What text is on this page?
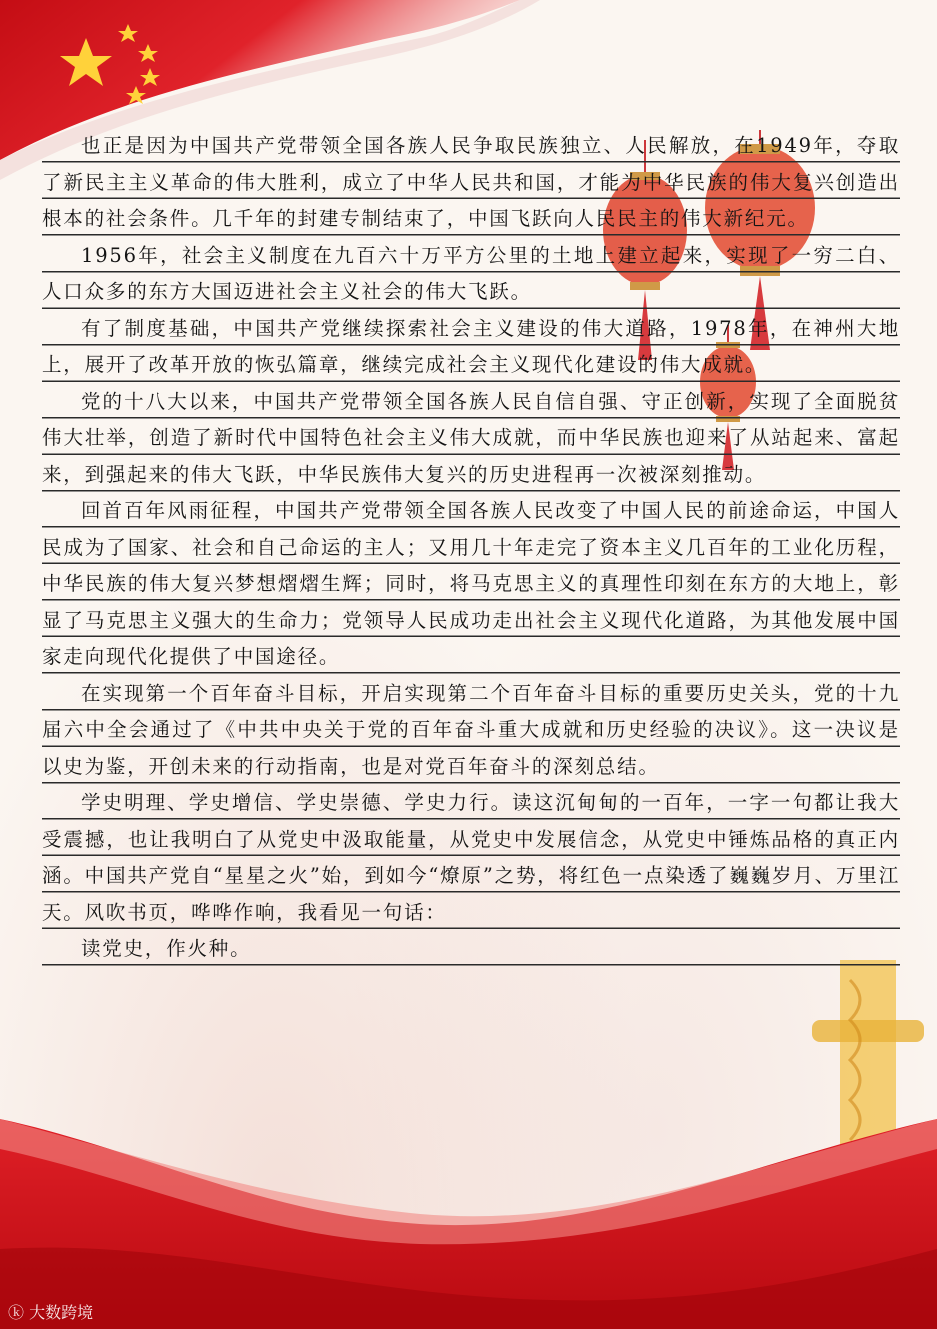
也正是因为中国共产党带领全国各族人民争取民族独立、人民解放，在1949年，夺取了新民主主义革命的伟大胜利，成立了中华人民共和国，才能为中华民族的伟大复兴创造出根本的社会条件。几千年的封建专制结束了，中国飞跃向人民民主的伟大新纪元。

1956年，社会主义制度在九百六十万平方公里的土地上建立起来，实现了一穷二白、人口众多的东方大国迈进社会主义社会的伟大飞跃。

有了制度基础，中国共产党继续探索社会主义建设的伟大道路，1978年，在神州大地上，展开了改革开放的恢弘篇章，继续完成社会主义现代化建设的伟大成就。

党的十八大以来，中国共产党带领全国各族人民自信自强、守正创新，实现了全面脱贫伟大壮举，创造了新时代中国特色社会主义伟大成就，而中华民族也迎来了从站起来、富起来，到强起来的伟大飞跃，中华民族伟大复兴的历史进程再一次被深刻推动。

回首百年风雨征程，中国共产党带领全国各族人民改变了中国人民的前途命运，中国人民成为了国家、社会和自己命运的主人；又用几十年走完了资本主义几百年的工业化历程，中华民族的伟大复兴梦想熠熠生辉；同时，将马克思主义的真理性印刻在东方的大地上，彰显了马克思主义强大的生命力；党领导人民成功走出社会主义现代化道路，为其他发展中国家走向现代化提供了中国途径。

在实现第一个百年奋斗目标，开启实现第二个百年奋斗目标的重要历史关头，党的十九届六中全会通过了《中共中央关于党的百年奋斗重大成就和历史经验的决议》。这一决议是以史为鉴，开创未来的行动指南，也是对党百年奋斗的深刻总结。

学史明理、学史增信、学史崇德、学史力行。读这沉甸甸的一百年，一字一句都让我大受震撼，也让我明白了从党史中汲取能量，从党史中发展信念，从党史中锤炼品格的真正内涵。中国共产党自“星星之火”始，到如今“燎原”之势，将红色一点染透了巍巍岁月、万里江天。风吹书页，哗哗作响，我看见一句话：

读党史，作火种。

ⓚ 大数跨境
